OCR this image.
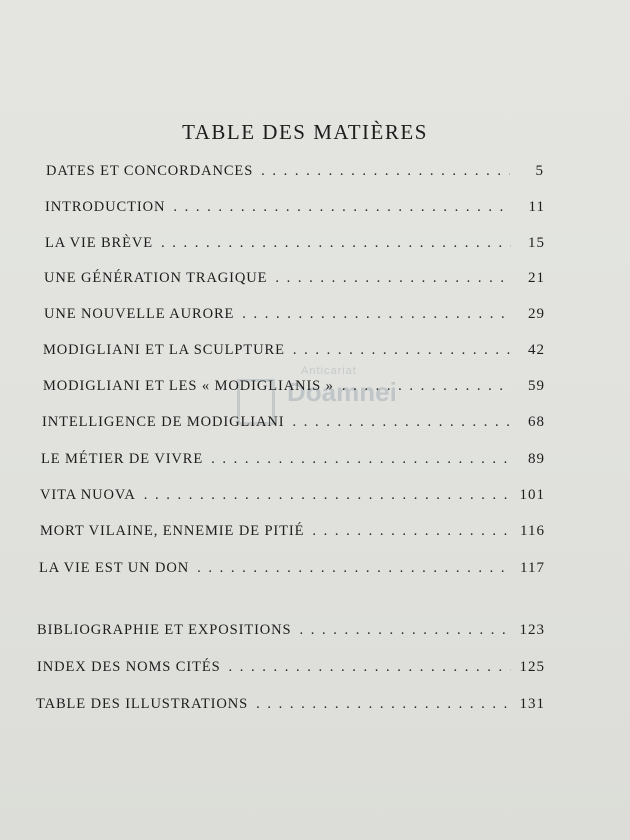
TABLE DES MATIÈRES
Anticariat
Doamnei
DATES ET CONCORDANCES . . .	5
INTRODUCTION . . .	11
LA VIE BRÈVE . . .	15
UNE GÉNÉRATION TRAGIQUE . . .	21
UNE NOUVELLE AURORE . . .	29
MODIGLIANI ET LA SCULPTURE . . .	42
MODIGLIANI ET LES « MODIGLIANIS » . . .	59
INTELLIGENCE DE MODIGLIANI . . .	68
LE MÉTIER DE VIVRE . . .	89
VITA NUOVA . . .	101
MORT VILAINE, ENNEMIE DE PITIÉ . . .	116
LA VIE EST UN DON . . .	117
BIBLIOGRAPHIE ET EXPOSITIONS . . .	123
INDEX DES NOMS CITÉS . . .	125
TABLE DES ILLUSTRATIONS . . .	131
